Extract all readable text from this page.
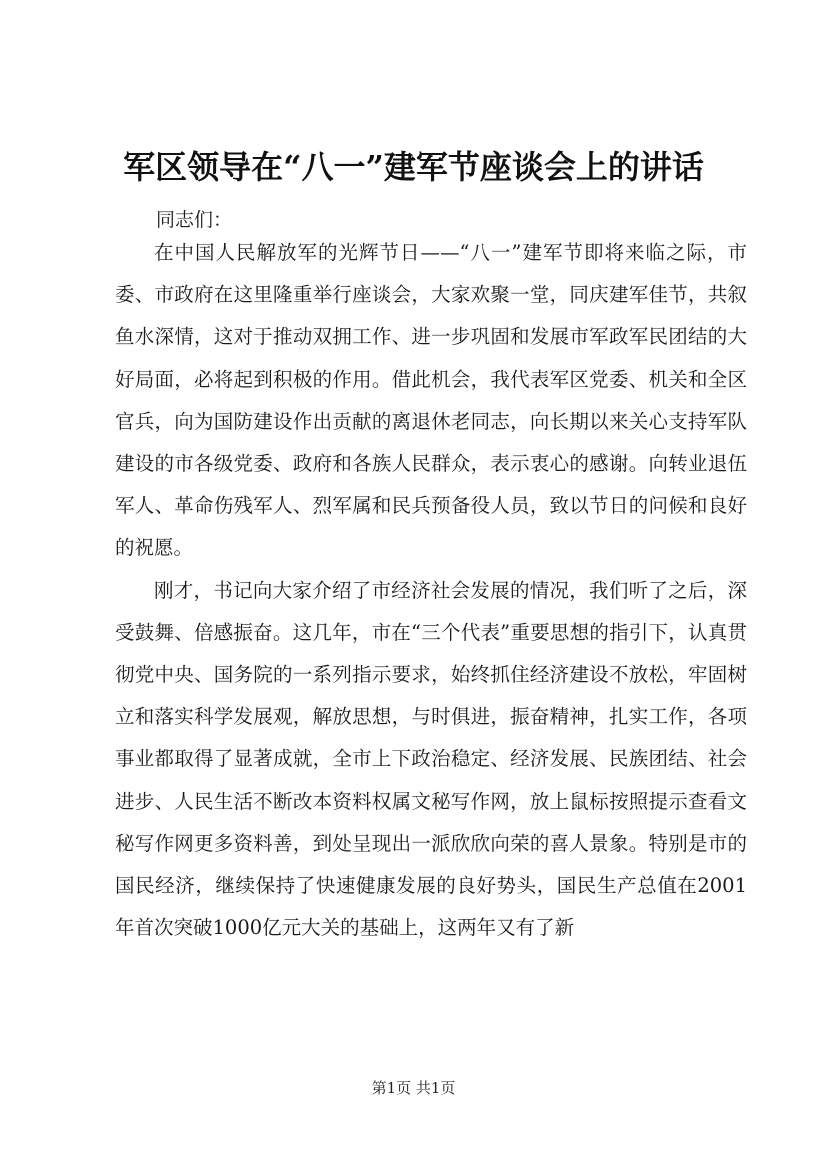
军区领导在“八一”建军节座谈会上的讲话
同志们：

在中国人民解放军的光辉节日——“八一”建军节即将来临之际，市委、市政府在这里隆重举行座谈会，大家欢聚一堂，同庆建军佳节，共叙鱼水深情，这对于推动双拥工作、进一步巩固和发展市军政军民团结的大好局面，必将起到积极的作用。借此机会，我代表军区党委、机关和全区官兵，向为国防建设作出贡献的离退休老同志，向长期以来关心支持军队建设的市各级党委、政府和各族人民群众，表示衷心的感谢。向转业退伍军人、革命伤残军人、烈军属和民兵预备役人员，致以节日的问候和良好的祝愿。

刚才，书记向大家介绍了市经济社会发展的情况，我们听了之后，深受鼓舞、倍感振奋。这几年，市在“三个代表”重要思想的指引下，认真贯彻党中央、国务院的一系列指示要求，始终抓住经济建设不放松，牢固树立和落实科学发展观，解放思想，与时俱进，振奋精神，扎实工作，各项事业都取得了显著成就，全市上下政治稳定、经济发展、民族团结、社会进步、人民生活不断改本资料权属文秘写作网，放上鼠标按照提示查看文秘写作网更多资料善，到处呈现出一派欣欣向荣的喜人景象。特别是市的国民经济，继续保持了快速健康发展的良好势头，国民生产总值在2001年首次突破1000亿元大关的基础上，这两年又有了新

第1页 共1页
